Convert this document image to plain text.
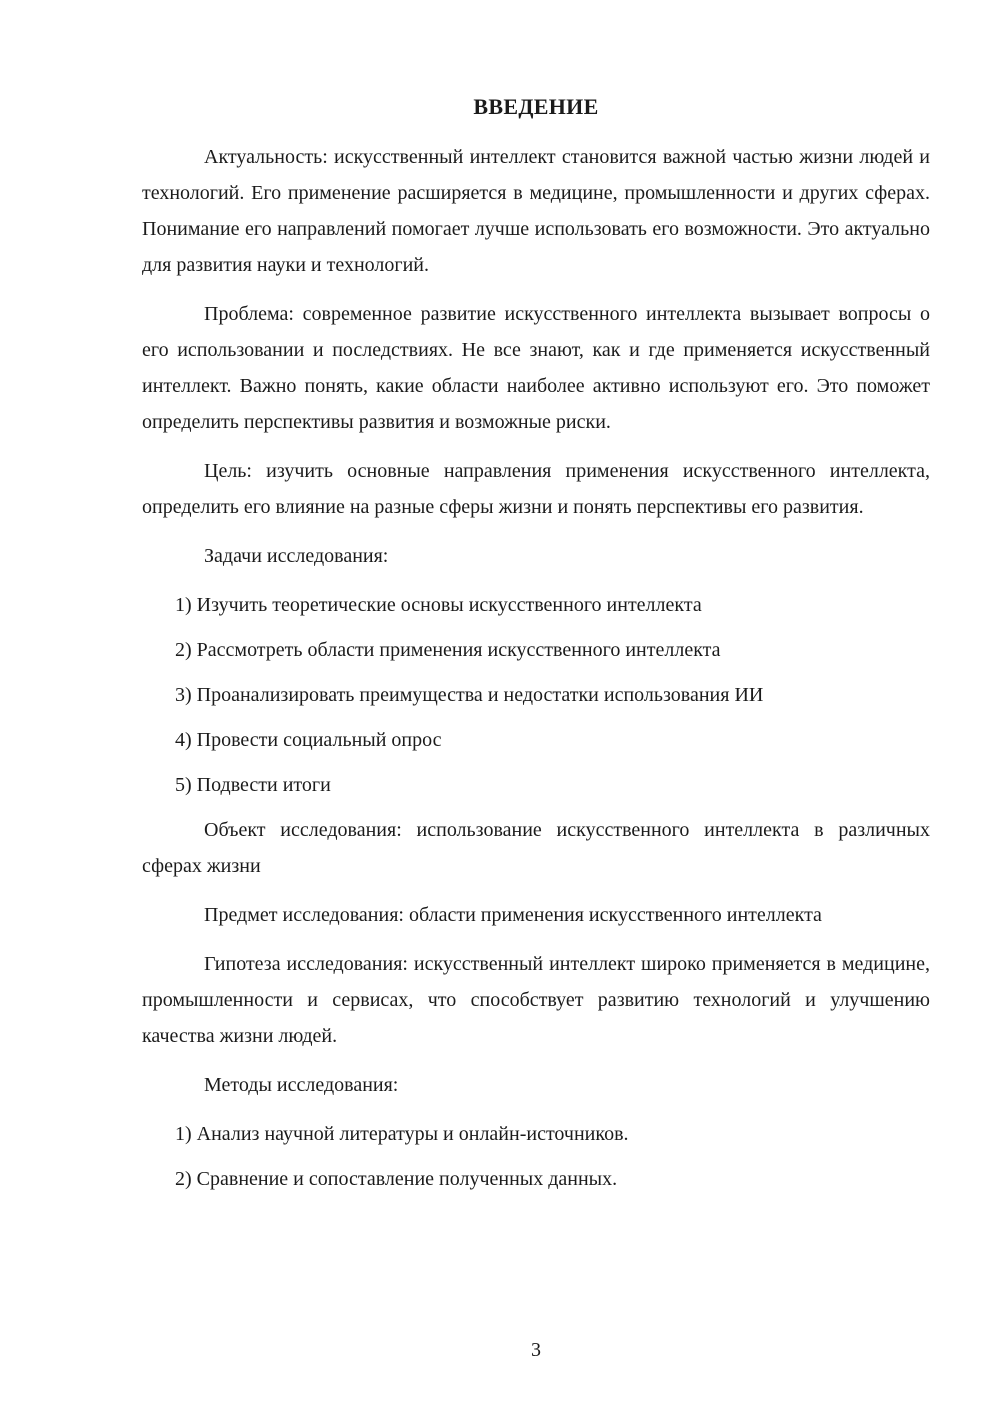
ВВЕДЕНИЕ

Актуальность: искусственный интеллект становится важной частью жизни людей и технологий. Его применение расширяется в медицине, промышленности и других сферах. Понимание его направлений помогает лучше использовать его возможности. Это актуально для развития науки и технологий.

Проблема: современное развитие искусственного интеллекта вызывает вопросы о его использовании и последствиях. Не все знают, как и где применяется искусственный интеллект. Важно понять, какие области наиболее активно используют его. Это поможет определить перспективы развития и возможные риски.

Цель: изучить основные направления применения искусственного интеллекта, определить его влияние на разные сферы жизни и понять перспективы его развития.

Задачи исследования:

1) Изучить теоретические основы искусственного интеллекта

2) Рассмотреть области применения искусственного интеллекта

3) Проанализировать преимущества и недостатки использования ИИ

4) Провести социальный опрос

5) Подвести итоги

Объект исследования: использование искусственного интеллекта в различных сферах жизни

Предмет исследования: области применения искусственного интеллекта

Гипотеза исследования: искусственный интеллект широко применяется в медицине, промышленности и сервисах, что способствует развитию технологий и улучшению качества жизни людей.

Методы исследования:

1) Анализ научной литературы и онлайн-источников.

2) Сравнение и сопоставление полученных данных.

3
